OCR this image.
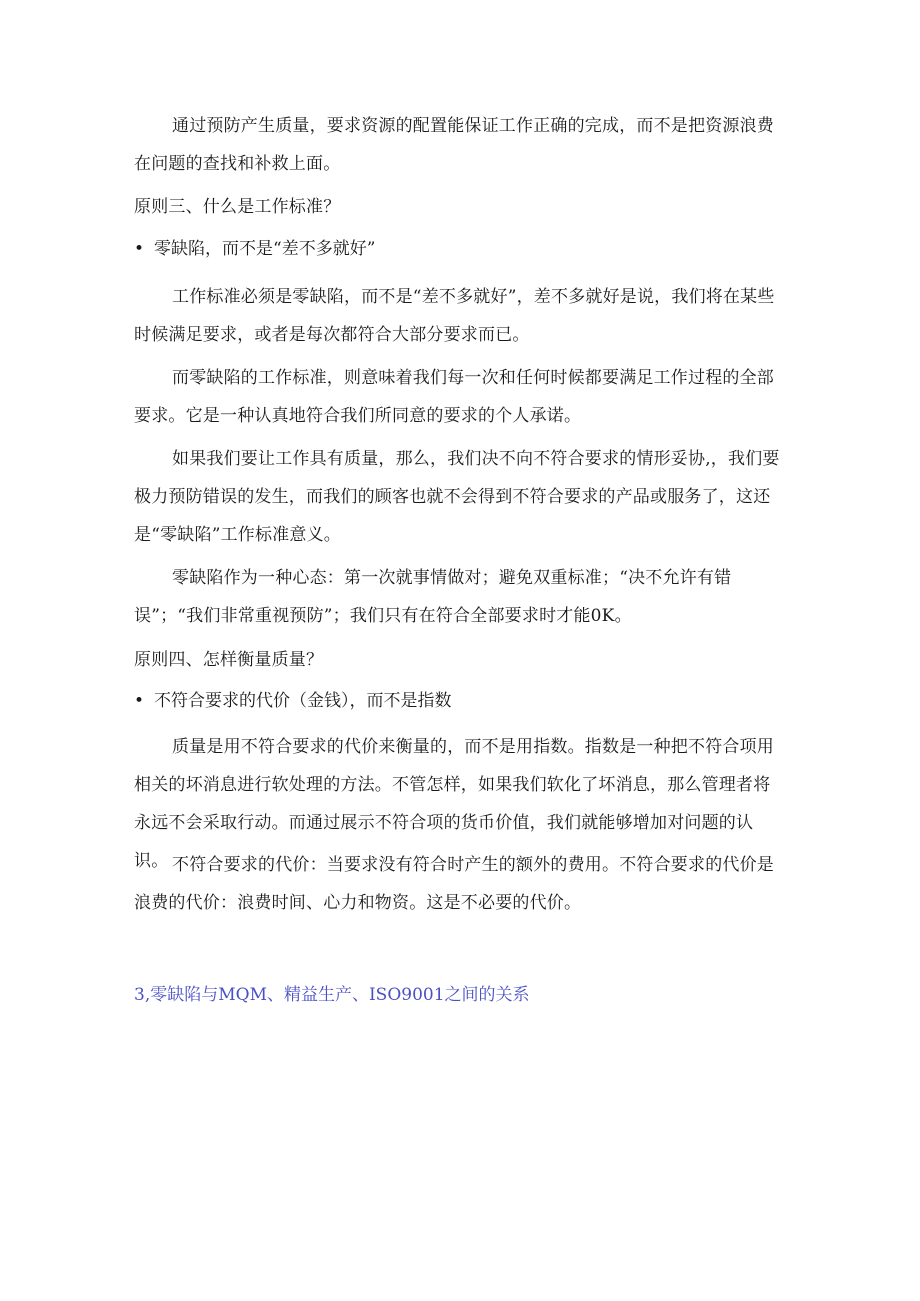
通过预防产生质量，要求资源的配置能保证工作正确的完成，而不是把资源浪费在问题的查找和补救上面。
原则三、什么是工作标准？
• 零缺陷，而不是“差不多就好”
工作标准必须是零缺陷，而不是“差不多就好”，差不多就好是说，我们将在某些时候满足要求，或者是每次都符合大部分要求而已。
而零缺陷的工作标准，则意味着我们每一次和任何时候都要满足工作过程的全部要求。它是一种认真地符合我们所同意的要求的个人承诺。
如果我们要让工作具有质量，那么，我们决不向不符合要求的情形妥协,，我们要极力预防错误的发生，而我们的顾客也就不会得到不符合要求的产品或服务了，这还是“零缺陷”工作标准意义。
零缺陷作为一种心态：第一次就事情做对；避免双重标准；“决不允许有错误”；“我们非常重视预防”；我们只有在符合全部要求时才能0K。
原则四、怎样衡量质量？
• 不符合要求的代价（金钱），而不是指数
质量是用不符合要求的代价来衡量的，而不是用指数。指数是一种把不符合项用相关的坏消息进行软处理的方法。不管怎样，如果我们软化了坏消息，那么管理者将永远不会采取行动。而通过展示不符合项的货币价值，我们就能够增加对问题的认识。 不符合要求的代价：当要求没有符合时产生的额外的费用。不符合要求的代价是浪费的代价：浪费时间、心力和物资。这是不必要的代价。
3,零缺陷与MQM、精益生产、ISO9001之间的关系
